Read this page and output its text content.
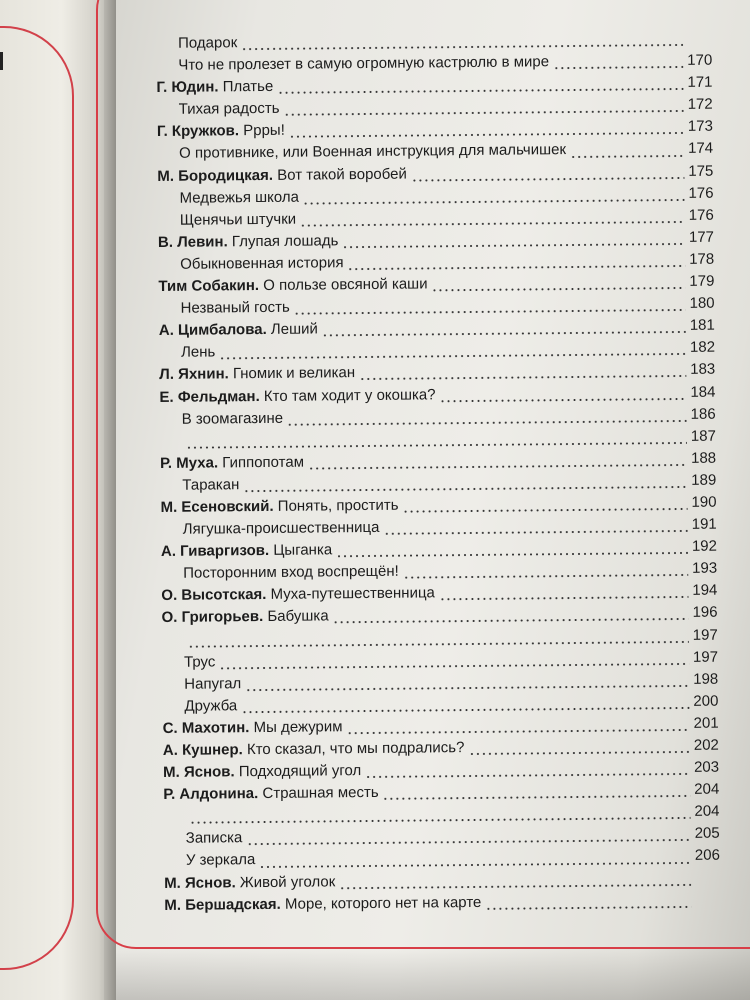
Подарок
Что не пролезет в самую огромную кастрюлю в мире	170
Г. Юдин. Платье	171
Тихая радость	172
Г. Кружков. Ррры!	173
О противнике, или Военная инструкция для мальчишек	174
М. Бородицкая. Вот такой воробей	175
Медвежья школа	176
Щенячьи штучки	176
В. Левин. Глупая лошадь	177
Обыкновенная история	178
Тим Собакин. О пользе овсяной каши	179
Незваный гость	180
А. Цимбалова. Леший	181
Лень	182
Л. Яхнин. Гномик и великан	183
Е. Фельдман. Кто там ходит у окошка?	184
В зоомагазине	186
187
Р. Муха. Гиппопотам	188
Таракан	189
М. Есеновский. Понять, простить	190
Лягушка-происшественница	191
А. Гиваргизов. Цыганка	192
Посторонним вход воспрещён!	193
О. Высотская. Муха-путешественница	194
О. Григорьев. Бабушка	196
197
Трус	197
Напугал	198
Дружба	200
С. Махотин. Мы дежурим	201
А. Кушнер. Кто сказал, что мы подрались?	202
М. Яснов. Подходящий угол	203
Р. Алдонина. Страшная месть	204
204
Записка	205
У зеркала	206
М. Яснов. Живой уголок
М. Бершадская. Море, которого нет на карте
